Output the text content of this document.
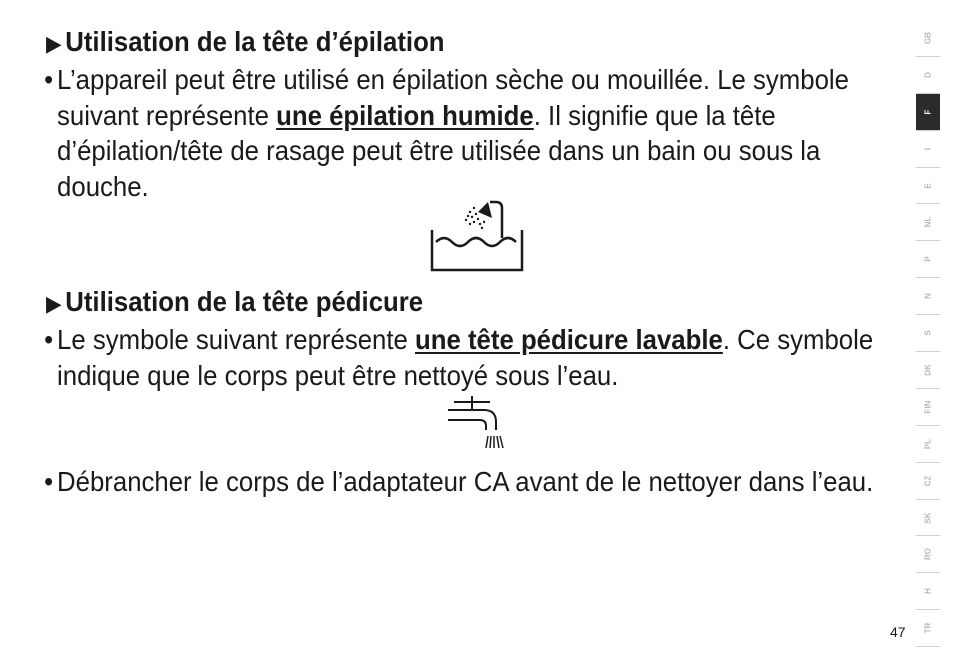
▶ Utilisation de la tête d’épilation
• L’appareil peut être utilisé en épilation sèche ou mouillée. Le symbole suivant représente une épilation humide. Il signifie que la tête d’épilation/tête de rasage peut être utilisée dans un bain ou sous la douche.
▶ Utilisation de la tête pédicure
• Le symbole suivant représente une tête pédicure lavable. Ce symbole indique que le corps peut être nettoyé sous l’eau.
• Débrancher le corps de l’adaptateur CA avant de le nettoyer dans l’eau.
GB
D
F
I
E
NL
P
N
S
DK
FIN
PL
CZ
SK
RO
H
TR
47
